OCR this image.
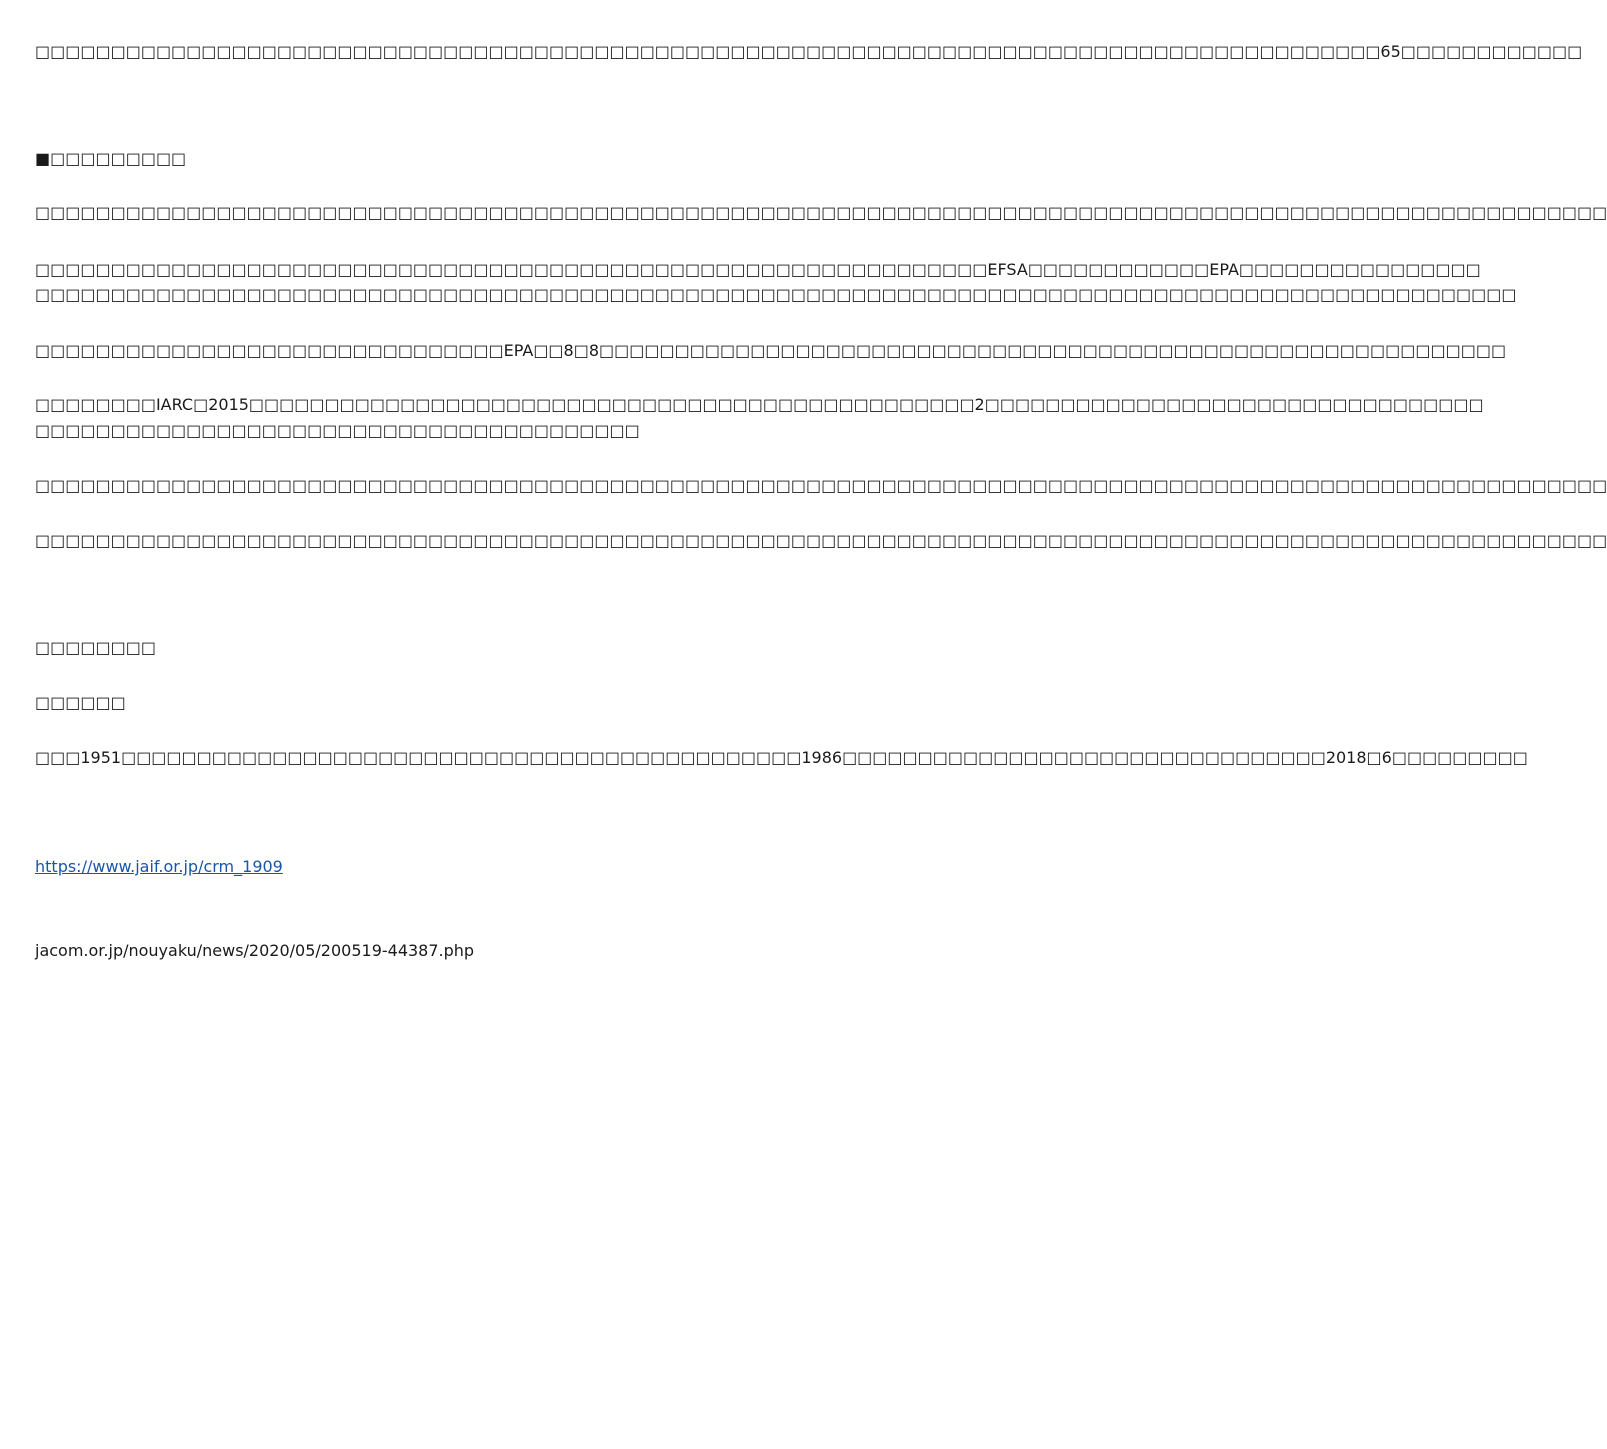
□□□□□□□□□□□□□□□□□□□□□□□□□□□□□□□□□□□□□□□□□□□□□□□□□□□□□□□□□□□□□□□□□□□□□□□□□□□□□□□□□□□□□□□□□65□□□□□□□□□□□□
■□□□□□□□□□
□□□□□□□□□□□□□□□□□□□□□□□□□□□□□□□□□□□□□□□□□□□□□□□□□□□□□□□□□□□□□□□□□□□□□□□□□□□□□□□□□□□□□□□□□□□□□□□□□□□□□□□□
□□□□□□□□□□□□□□□□□□□□□□□□□□□□□□□□□□□□□□□□□□□□□□□□□□□□□□□□□□□□□□□EFSA□□□□□□□□□□□□EPA□□□□□□□□□□□□□□□□
□□□□□□□□□□□□□□□□□□□□□□□□□□□□□□□□□□□□□□□□□□□□□□□□□□□□□□□□□□□□□□□□□□□□□□□□□□□□□□□□□□□□□□□□□□□□□□□□□□
□□□□□□□□□□□□□□□□□□□□□□□□□□□□□□□EPA□□8□8□□□□□□□□□□□□□□□□□□□□□□□□□□□□□□□□□□□□□□□□□□□□□□□□□□□□□□□□□□□□
□□□□□□□□IARC□2015□□□□□□□□□□□□□□□□□□□□□□□□□□□□□□□□□□□□□□□□□□□□□□□□2□□□□□□□□□□□□□□□□□□□□□□□□□□□□□□□□□
□□□□□□□□□□□□□□□□□□□□□□□□□□□□□□□□□□□□□□□□
□□□□□□□□□□□□□□□□□□□□□□□□□□□□□□□□□□□□□□□□□□□□□□□□□□□□□□□□□□□□□□□□□□□□□□□□□□□□□□□□□□□□□□□□□□□□□□□□□□□□□□□□
□□□□□□□□□□□□□□□□□□□□□□□□□□□□□□□□□□□□□□□□□□□□□□□□□□□□□□□□□□□□□□□□□□□□□□□□□□□□□□□□□□□□□□□□□□□□□□□□□□□□□□□□
□□□□□□□□
□□□□□□
□□□1951□□□□□□□□□□□□□□□□□□□□□□□□□□□□□□□□□□□□□□□□□□□□□1986□□□□□□□□□□□□□□□□□□□□□□□□□□□□□□□□2018□6□□□□□□□□□
https://www.jaif.or.jp/crm_1909
jacom.or.jp/nouyaku/news/2020/05/200519-44387.php
